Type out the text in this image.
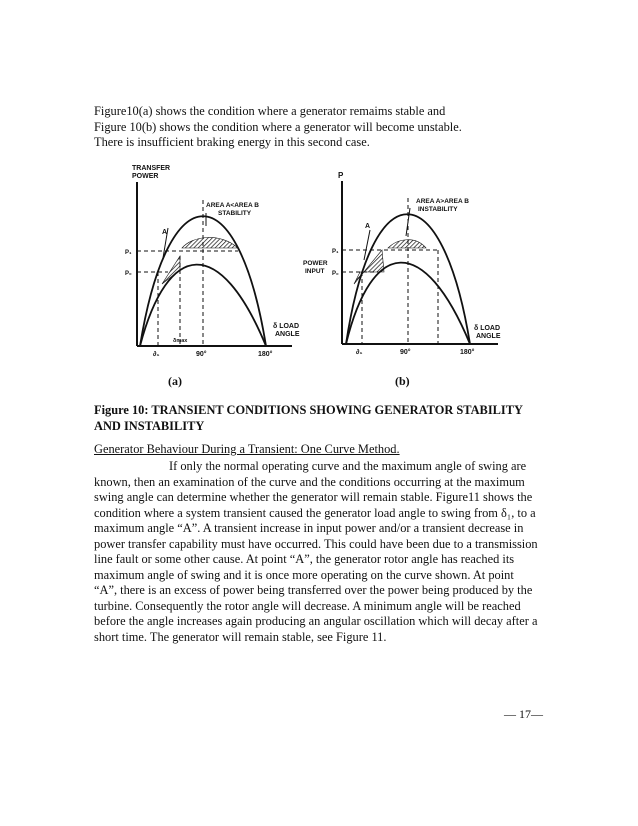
Figure10(a) shows the condition where a generator remaims stable and

Figure 10(b) shows the condition where a generator will become unstable.

There is insufficient braking energy in this second case.

TRANSFER
POWER
AREA A<AREA B
STABILITY
A
P₁
P₀
δmax
∂₁	90°	180°
δ LOAD
ANGLE
P
AREA A>AREA B
INSTABILITY
POWER
INPUT
A
P₁
P₀
∂₁	90°	180°
δ LOAD
ANGLE
(a)	(b)
Figure 10: TRANSIENT CONDITIONS SHOWING GENERATOR STABILITY
AND INSTABILITY
Generator Behaviour During a Transient: One Curve Method.
If only the normal operating curve and the maximum angle of swing are
known, then an examination of the curve and the conditions occurring at the maximum
swing angle can determine whether the generator will remain stable. Figure11 shows the
condition where a system transient caused the generator load angle to swing from δ₁, to a
maximum angle “A”. A transient increase in input power and/or a transient decrease in
power transfer capability must have occurred. This could have been due to a transmission
line fault or some other cause. At point “A”, the generator rotor angle has reached its
maximum angle of swing and it is once more operating on the curve shown. At point
“A”, there is an excess of power being transferred over the power being produced by the
turbine. Consequently the rotor angle will decrease. A minimum angle will be reached
before the angle increases again producing an angular oscillation which will decay after a
short time. The generator will remain stable, see Figure 11.
— 17—
